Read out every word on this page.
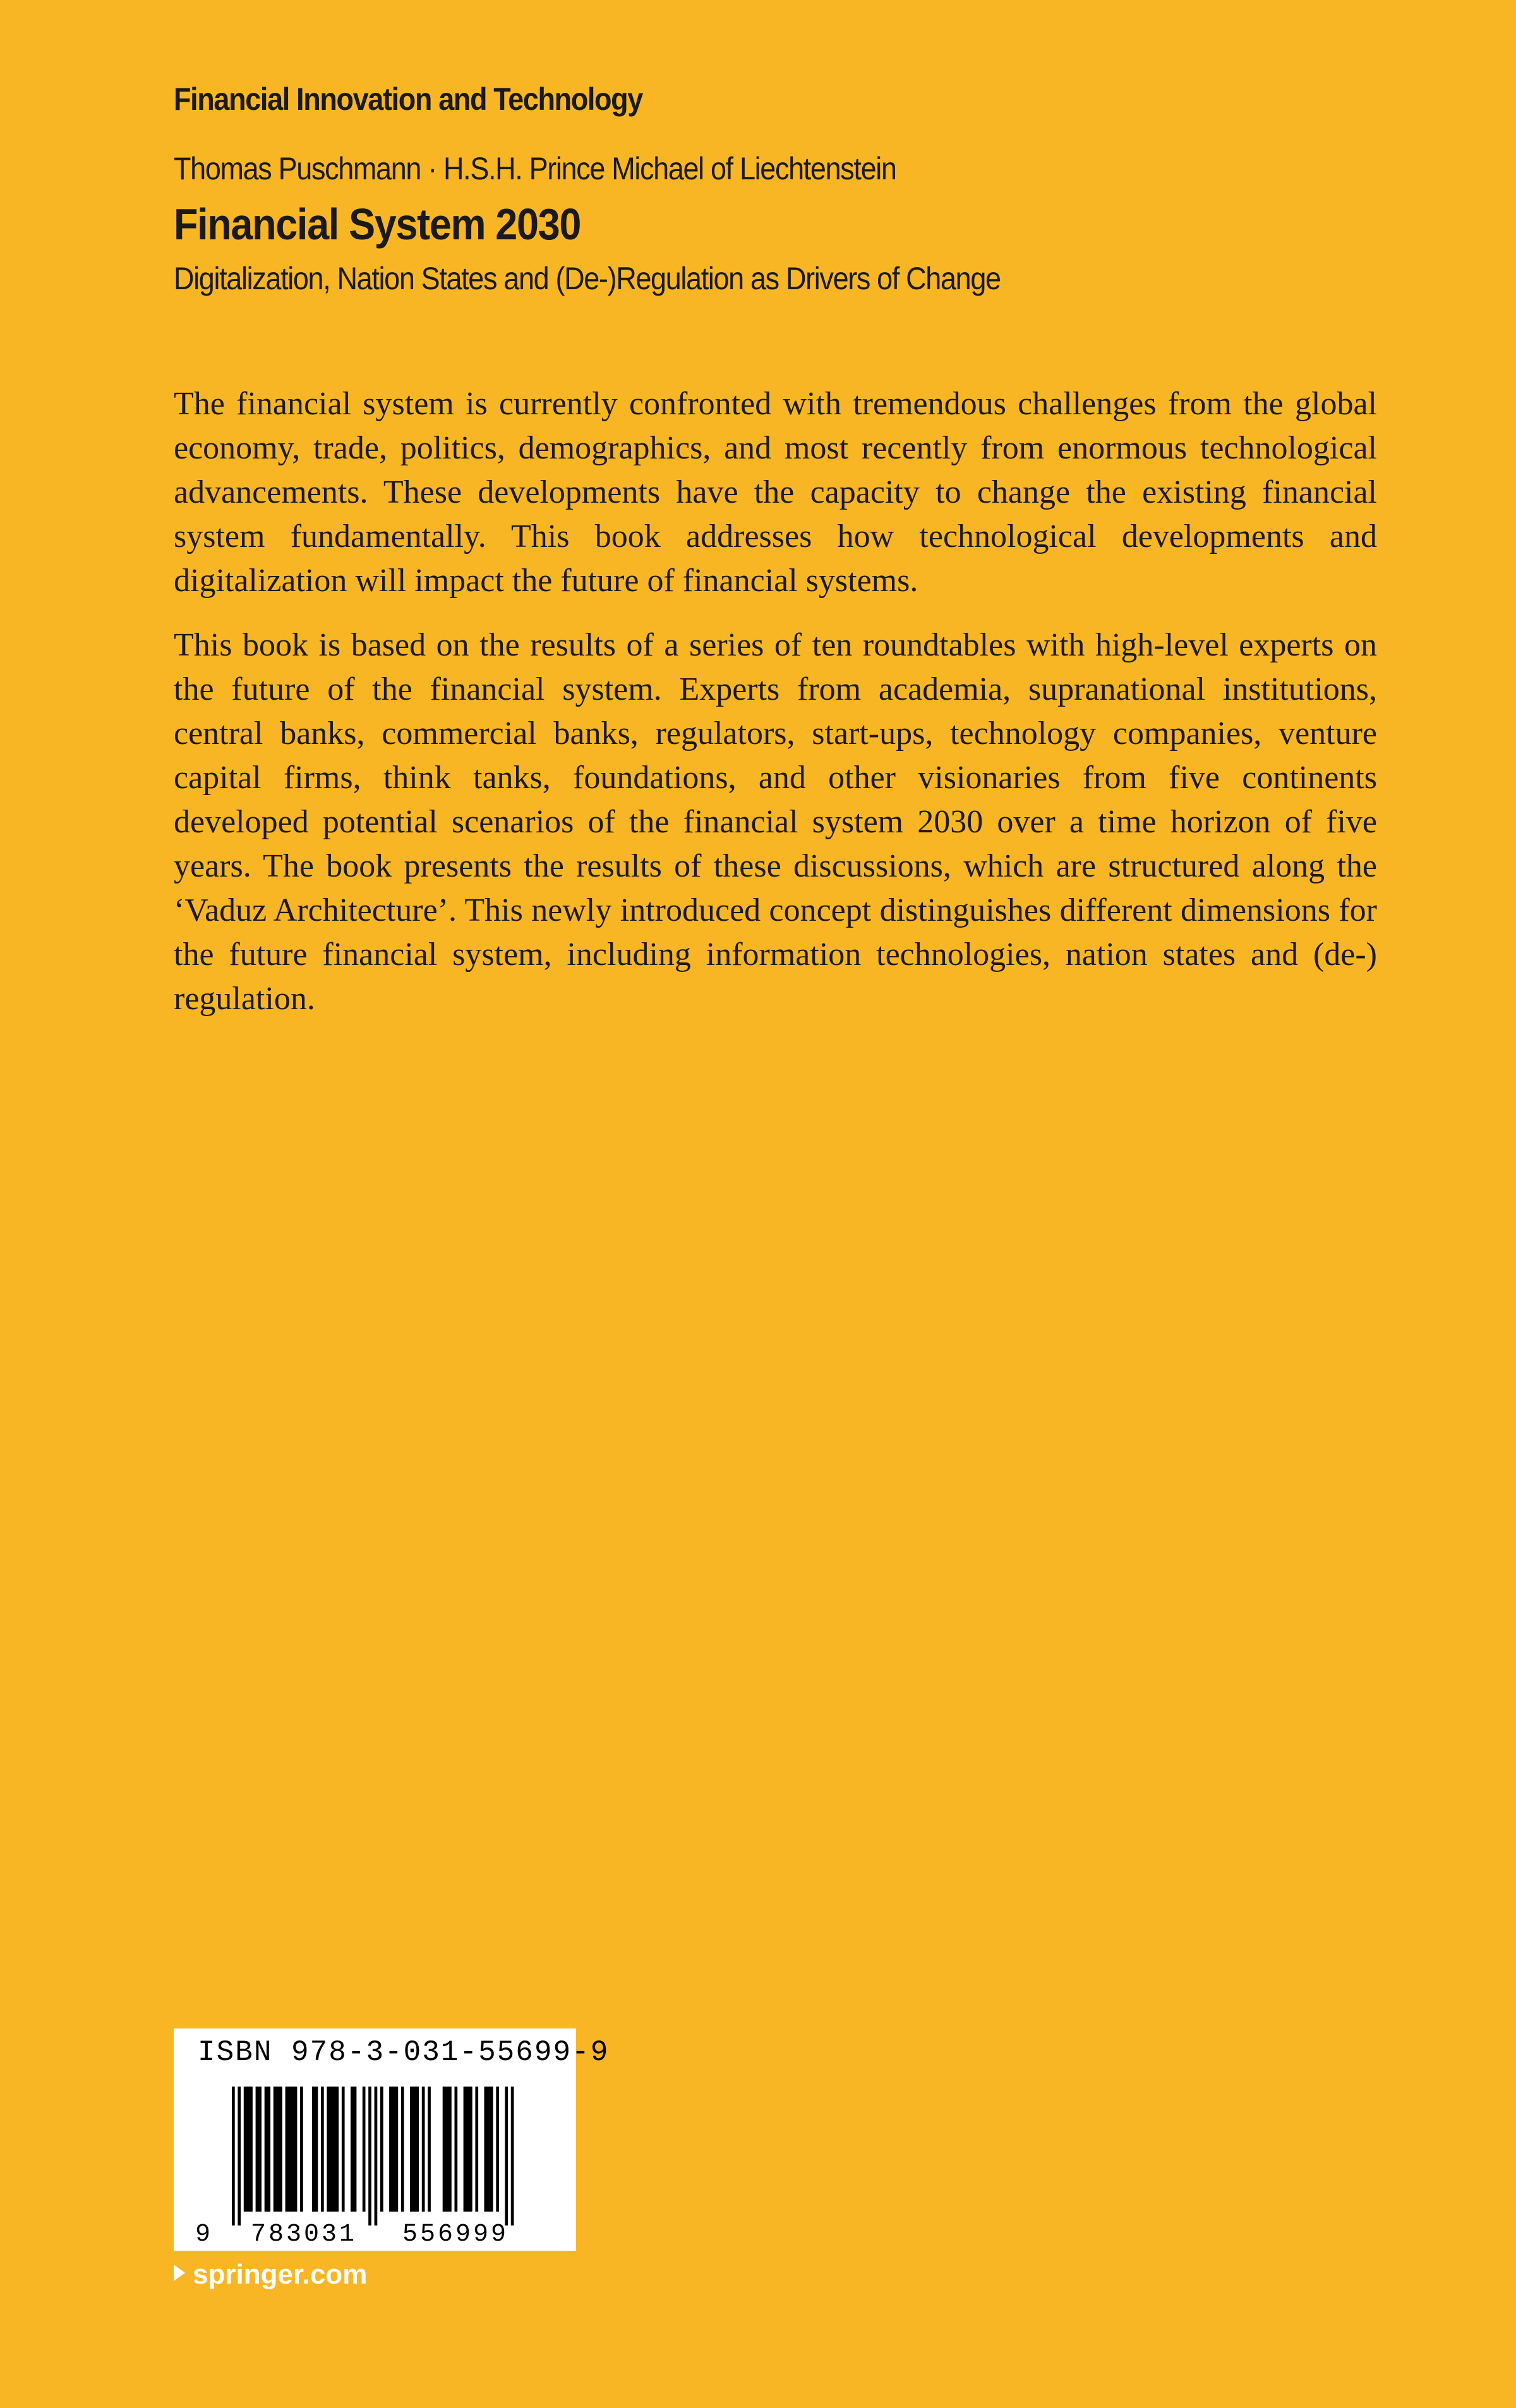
Financial Innovation and Technology
Thomas Puschmann · H.S.H. Prince Michael of Liechtenstein
Financial System 2030
Digitalization, Nation States and (De-)Regulation as Drivers of Change

The financial system is currently confronted with tremendous challenges from the global economy, trade, politics, demographics, and most recently from enormous technological advancements. These developments have the capacity to change the existing financial system fundamentally. This book addresses how technological developments and digitalization will impact the future of financial systems.

This book is based on the results of a series of ten roundtables with high-level experts on the future of the financial system. Experts from academia, supranational institutions, central banks, commercial banks, regulators, start-ups, technology companies, venture capital firms, think tanks, foundations, and other visionaries from five continents developed potential scenarios of the financial system 2030 over a time horizon of five years. The book presents the results of these discussions, which are structured along the ‘Vaduz Architecture’. This newly introduced concept distinguishes different dimensions for the future financial system, including information technologies, nation states and (de-) regulation.

ISBN 978-3-031-55699-9
9 783031 556999
springer.com
